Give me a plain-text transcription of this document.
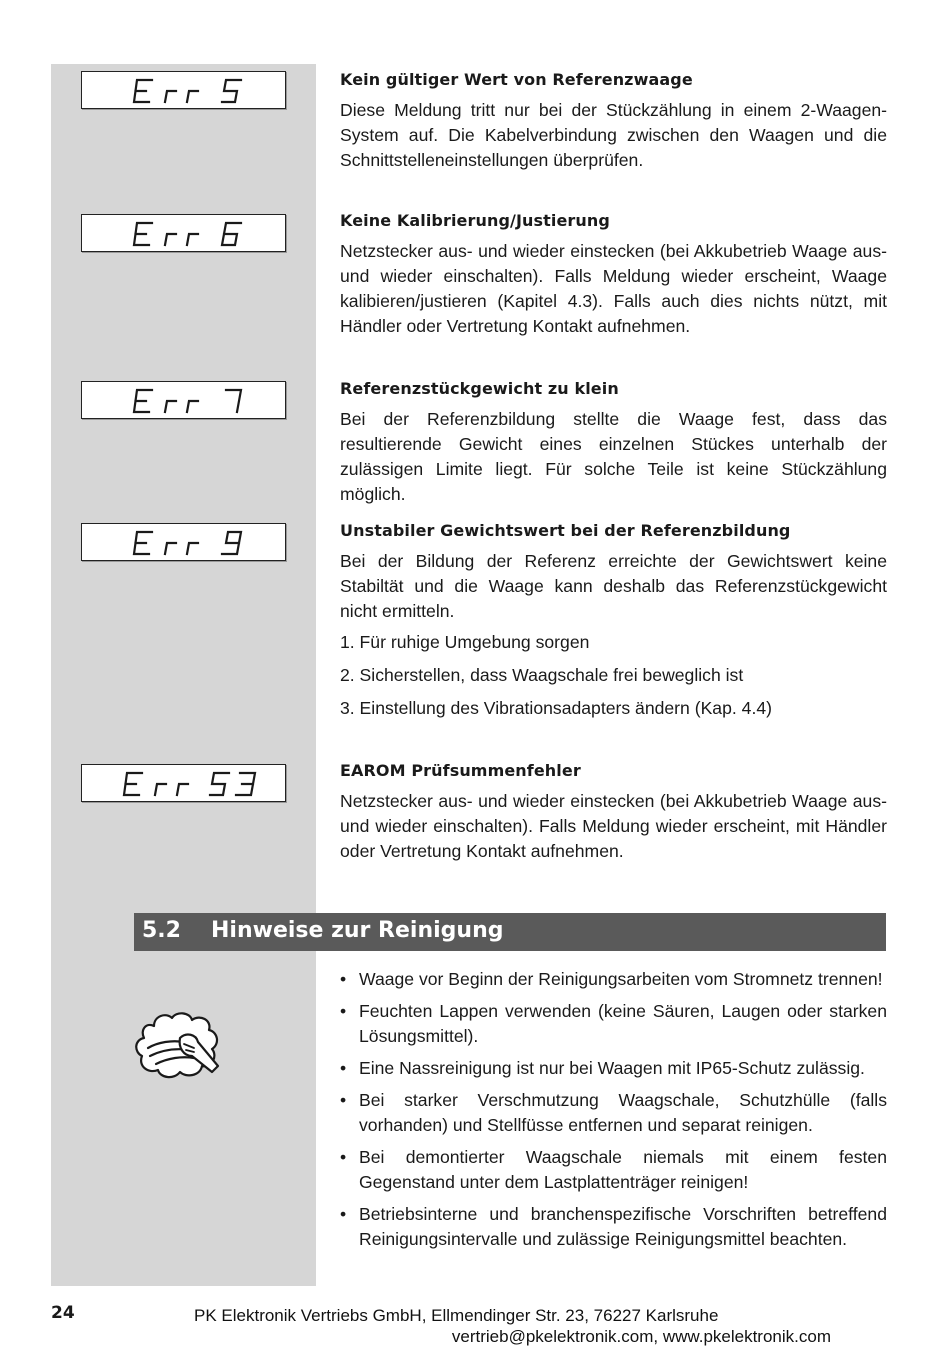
Kein gültiger Wert von Referenzwaage

Diese Meldung tritt nur bei der Stückzählung in einem 2-Waagen-System auf. Die Kabelverbindung zwischen den Waagen und die Schnittstelleneinstellungen überprüfen.

Keine Kalibrierung/Justierung

Netzstecker aus- und wieder einstecken (bei Akkubetrieb Waage aus- und wieder einschalten). Falls Meldung wieder erscheint, Waage kalibieren/justieren (Kapitel 4.3). Falls auch dies nichts nützt, mit Händler oder Vertretung Kontakt aufnehmen.

Referenzstückgewicht zu klein

Bei der Referenzbildung stellte die Waage fest, dass das resultierende Gewicht eines einzelnen Stückes unterhalb der zulässigen Limite liegt. Für solche Teile ist keine Stückzählung möglich.

Unstabiler Gewichtswert bei der Referenzbildung

Bei der Bildung der Referenz erreichte der Gewichtswert keine Stabiltät und die Waage kann deshalb das Referenzstückgewicht nicht ermitteln.

1. Für ruhige Umgebung sorgen
2. Sicherstellen, dass Waagschale frei beweglich ist
3. Einstellung des Vibrationsadapters ändern (Kap. 4.4)
EAROM Prüfsummenfehler

Netzstecker aus- und wieder einstecken (bei Akkubetrieb Waage aus- und wieder einschalten). Falls Meldung wieder erscheint, mit Händler oder Vertretung Kontakt aufnehmen.

5.2 Hinweise zur Reinigung
• Waage vor Beginn der Reinigungsarbeiten vom Stromnetz trennen!
• Feuchten Lappen verwenden (keine Säuren, Laugen oder starken Lösungsmittel).
• Eine Nassreinigung ist nur bei Waagen mit IP65-Schutz zulässig.
• Bei starker Verschmutzung Waagschale, Schutzhülle (falls vorhanden) und Stellfüsse entfernen und separat reinigen.
• Bei demontierter Waagschale niemals mit einem festen Gegenstand unter dem Lastplattenträger reinigen!
• Betriebsinterne und branchenspezifische Vorschriften betreffend Reinigungsintervalle und zulässige Reinigungsmittel beachten.
24	PK Elektronik Vertriebs GmbH, Ellmendinger Str. 23, 76227 Karlsruhe
vertrieb@pkelektronik.com, www.pkelektronik.com
